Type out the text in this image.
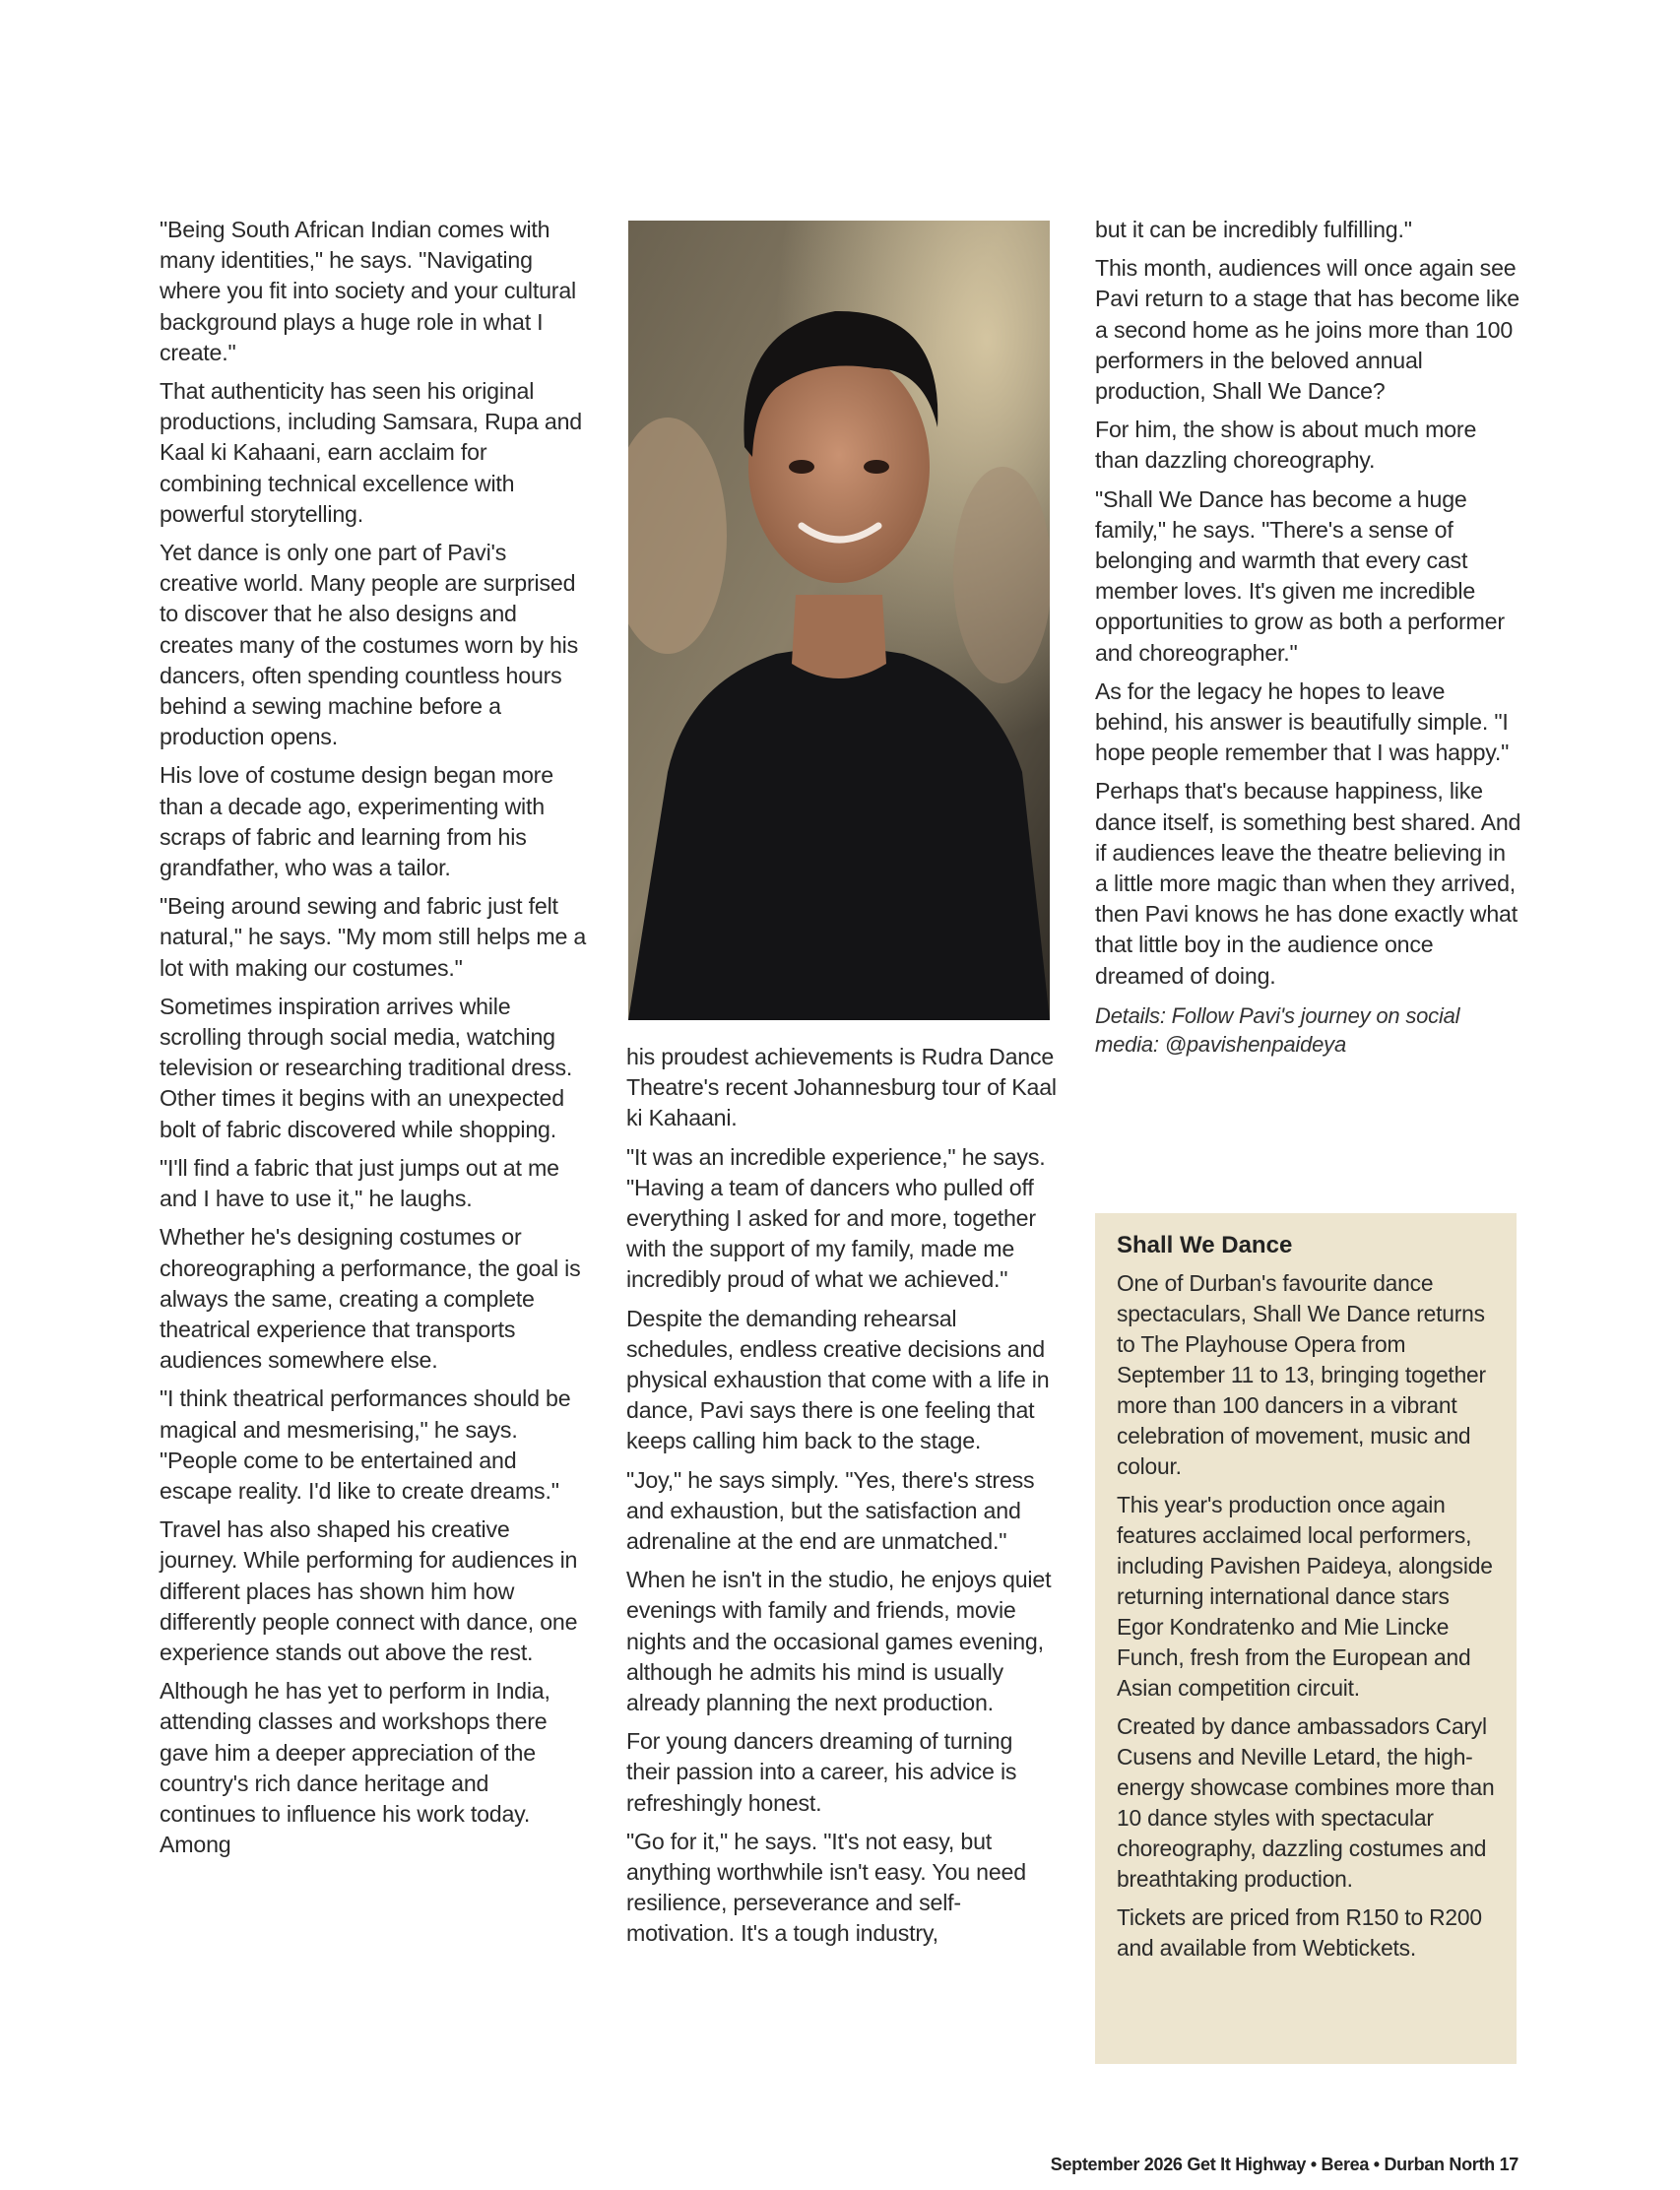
"Being South African Indian comes with many identities," he says. "Navigating where you fit into society and your cultural background plays a huge role in what I create."

That authenticity has seen his original productions, including Samsara, Rupa and Kaal ki Kahaani, earn acclaim for combining technical excellence with powerful storytelling.

Yet dance is only one part of Pavi's creative world. Many people are surprised to discover that he also designs and creates many of the costumes worn by his dancers, often spending countless hours behind a sewing machine before a production opens.

His love of costume design began more than a decade ago, experimenting with scraps of fabric and learning from his grandfather, who was a tailor.

"Being around sewing and fabric just felt natural," he says. "My mom still helps me a lot with making our costumes."

Sometimes inspiration arrives while scrolling through social media, watching television or researching traditional dress. Other times it begins with an unexpected bolt of fabric discovered while shopping.

"I'll find a fabric that just jumps out at me and I have to use it," he laughs.

Whether he's designing costumes or choreographing a performance, the goal is always the same, creating a complete theatrical experience that transports audiences somewhere else.

"I think theatrical performances should be magical and mesmerising," he says. "People come to be entertained and escape reality. I'd like to create dreams."

Travel has also shaped his creative journey. While performing for audiences in different places has shown him how differently people connect with dance, one experience stands out above the rest.

Although he has yet to perform in India, attending classes and workshops there gave him a deeper appreciation of the country's rich dance heritage and continues to influence his work today. Among

his proudest achievements is Rudra Dance Theatre's recent Johannesburg tour of Kaal ki Kahaani.

"It was an incredible experience," he says. "Having a team of dancers who pulled off everything I asked for and more, together with the support of my family, made me incredibly proud of what we achieved."

Despite the demanding rehearsal schedules, endless creative decisions and physical exhaustion that come with a life in dance, Pavi says there is one feeling that keeps calling him back to the stage.

"Joy," he says simply. "Yes, there's stress and exhaustion, but the satisfaction and adrenaline at the end are unmatched."

When he isn't in the studio, he enjoys quiet evenings with family and friends, movie nights and the occasional games evening, although he admits his mind is usually already planning the next production.

For young dancers dreaming of turning their passion into a career, his advice is refreshingly honest.

"Go for it," he says. "It's not easy, but anything worthwhile isn't easy. You need resilience, perseverance and self-motivation. It's a tough industry,

but it can be incredibly fulfilling."

This month, audiences will once again see Pavi return to a stage that has become like a second home as he joins more than 100 performers in the beloved annual production, Shall We Dance?

For him, the show is about much more than dazzling choreography.

"Shall We Dance has become a huge family," he says. "There's a sense of belonging and warmth that every cast member loves. It's given me incredible opportunities to grow as both a performer and choreographer."

As for the legacy he hopes to leave behind, his answer is beautifully simple. "I hope people remember that I was happy."

Perhaps that's because happiness, like dance itself, is something best shared. And if audiences leave the theatre believing in a little more magic than when they arrived, then Pavi knows he has done exactly what that little boy in the audience once dreamed of doing.

Details: Follow Pavi's journey on social media: @pavishenpaideya

Shall We Dance

One of Durban's favourite dance spectaculars, Shall We Dance returns to The Playhouse Opera from September 11 to 13, bringing together more than 100 dancers in a vibrant celebration of movement, music and colour.

This year's production once again features acclaimed local performers, including Pavishen Paideya, alongside returning international dance stars Egor Kondratenko and Mie Lincke Funch, fresh from the European and Asian competition circuit.

Created by dance ambassadors Caryl Cusens and Neville Letard, the high-energy showcase combines more than 10 dance styles with spectacular choreography, dazzling costumes and breathtaking production.

Tickets are priced from R150 to R200 and available from Webtickets.

September 2026 Get It Highway • Berea • Durban North 17
